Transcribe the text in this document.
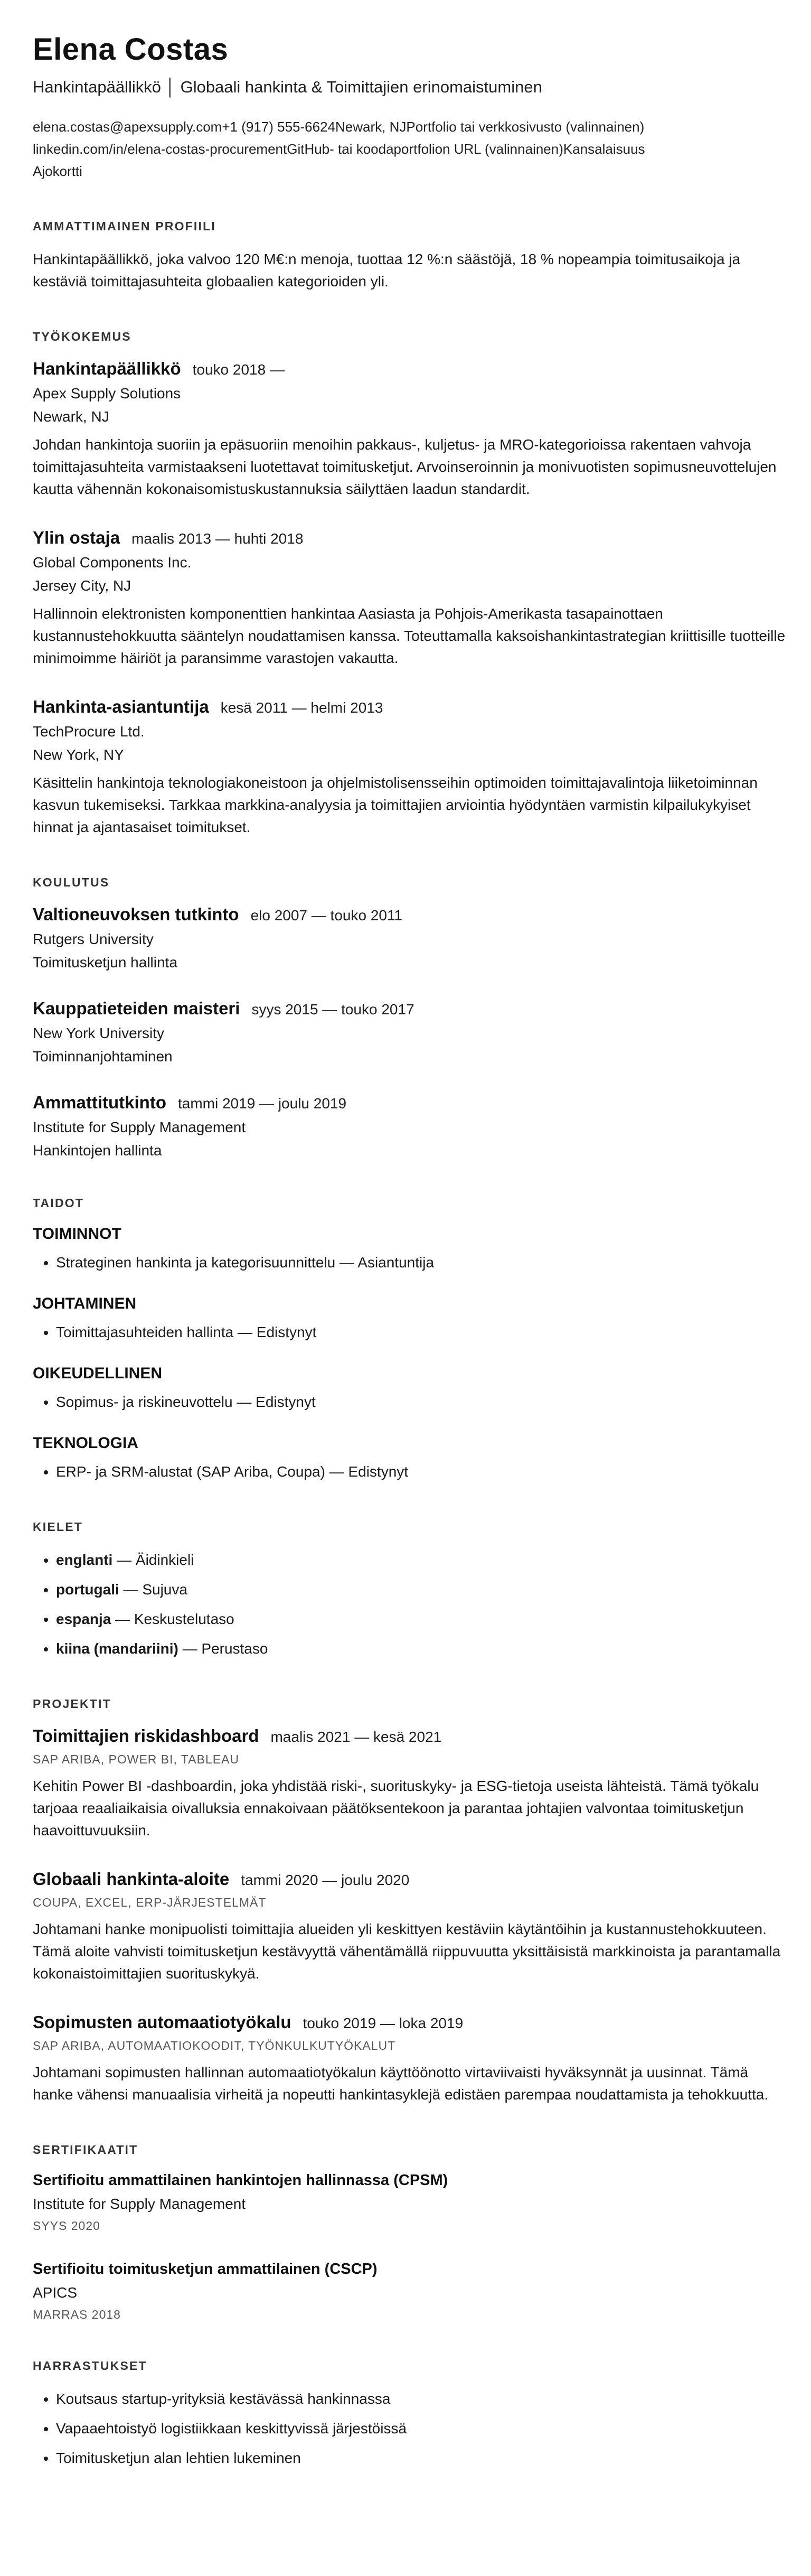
Elena Costas
Hankintapäällikkö │ Globaali hankinta & Toimittajien erinomaistuminen
elena.costas@apexsupply.com+1 (917) 555-6624Newark, NJPortfolio tai verkkosivusto (valinnainen)
linkedin.com/in/elena-costas-procurementGitHub- tai koodaportfolion URL (valinnainen)Kansalaisuus
Ajokortti
AMMATTIMAINEN PROFIILI

Hankintapäällikkö, joka valvoo 120 M€:n menoja, tuottaa 12 %:n säästöjä, 18 % nopeampia toimitusaikoja ja kestäviä toimittajasuhteita globaalien kategorioiden yli.

TYÖKOKEMUS
Hankintapäällikkö touko 2018 —
Apex Supply Solutions
Newark, NJ

Johdan hankintoja suoriin ja epäsuoriin menoihin pakkaus-, kuljetus- ja MRO-kategorioissa rakentaen vahvoja toimittajasuhteita varmistaakseni luotettavat toimitusketjut. Arvoinseroinnin ja monivuotisten sopimusneuvottelujen kautta vähennän kokonaisomistuskustannuksia säilyttäen laadun standardit.

Ylin ostaja maalis 2013 — huhti 2018
Global Components Inc.
Jersey City, NJ

Hallinnoin elektronisten komponenttien hankintaa Aasiasta ja Pohjois-Amerikasta tasapainottaen kustannustehokkuutta sääntelyn noudattamisen kanssa. Toteuttamalla kaksoishankintastrategian kriittisille tuotteille minimoimme häiriöt ja paransimme varastojen vakautta.

Hankinta-asiantuntija kesä 2011 — helmi 2013
TechProcure Ltd.
New York, NY

Käsittelin hankintoja teknologiakoneistoon ja ohjelmistolisensseihin optimoiden toimittajavalintoja liiketoiminnan kasvun tukemiseksi. Tarkkaa markkina-analyysia ja toimittajien arviointia hyödyntäen varmistin kilpailukykyiset hinnat ja ajantasaiset toimitukset.

KOULUTUS
Valtioneuvoksen tutkinto elo 2007 — touko 2011
Rutgers University
Toimitusketjun hallinta
Kauppatieteiden maisteri syys 2015 — touko 2017
New York University
Toiminnanjohtaminen
Ammattitutkinto tammi 2019 — joulu 2019
Institute for Supply Management
Hankintojen hallinta
TAIDOT
TOIMINNOT
• Strateginen hankinta ja kategorisuunnittelu — Asiantuntija
JOHTAMINEN
• Toimittajasuhteiden hallinta — Edistynyt
OIKEUDELLINEN
• Sopimus- ja riskineuvottelu — Edistynyt
TEKNOLOGIA
• ERP- ja SRM-alustat (SAP Ariba, Coupa) — Edistynyt
KIELET
• englanti — Äidinkieli
• portugali — Sujuva
• espanja — Keskustelutaso
• kiina (mandariini) — Perustaso
PROJEKTIT
Toimittajien riskidashboard maalis 2021 — kesä 2021
SAP ARIBA, POWER BI, TABLEAU

Kehitin Power BI -dashboardin, joka yhdistää riski-, suorituskyky- ja ESG-tietoja useista lähteistä. Tämä työkalu tarjoaa reaaliaikaisia oivalluksia ennakoivaan päätöksentekoon ja parantaa johtajien valvontaa toimitusketjun haavoittuvuuksiin.

Globaali hankinta-aloite tammi 2020 — joulu 2020
COUPA, EXCEL, ERP-JÄRJESTELMÄT

Johtamani hanke monipuolisti toimittajia alueiden yli keskittyen kestäviin käytäntöihin ja kustannustehokkuuteen. Tämä aloite vahvisti toimitusketjun kestävyyttä vähentämällä riippuvuutta yksittäisistä markkinoista ja parantamalla kokonaistoimittajien suorituskykyä.

Sopimusten automaatiotyökalu touko 2019 — loka 2019
SAP ARIBA, AUTOMAATIOKOODIT, TYÖNKULKUTYÖKALUT

Johtamani sopimusten hallinnan automaatiotyökalun käyttöönotto virtaviivaisti hyväksynnät ja uusinnat. Tämä hanke vähensi manuaalisia virheitä ja nopeutti hankintasyklejä edistäen parempaa noudattamista ja tehokkuutta.

SERTIFIKAATIT
Sertifioitu ammattilainen hankintojen hallinnassa (CPSM)
Institute for Supply Management
SYYS 2020
Sertifioitu toimitusketjun ammattilainen (CSCP)
APICS
MARRAS 2018
HARRASTUKSET
• Koutsaus startup-yrityksiä kestävässä hankinnassa
• Vapaaehtoistyö logistiikkaan keskittyvissä järjestöissä
• Toimitusketjun alan lehtien lukeminen
